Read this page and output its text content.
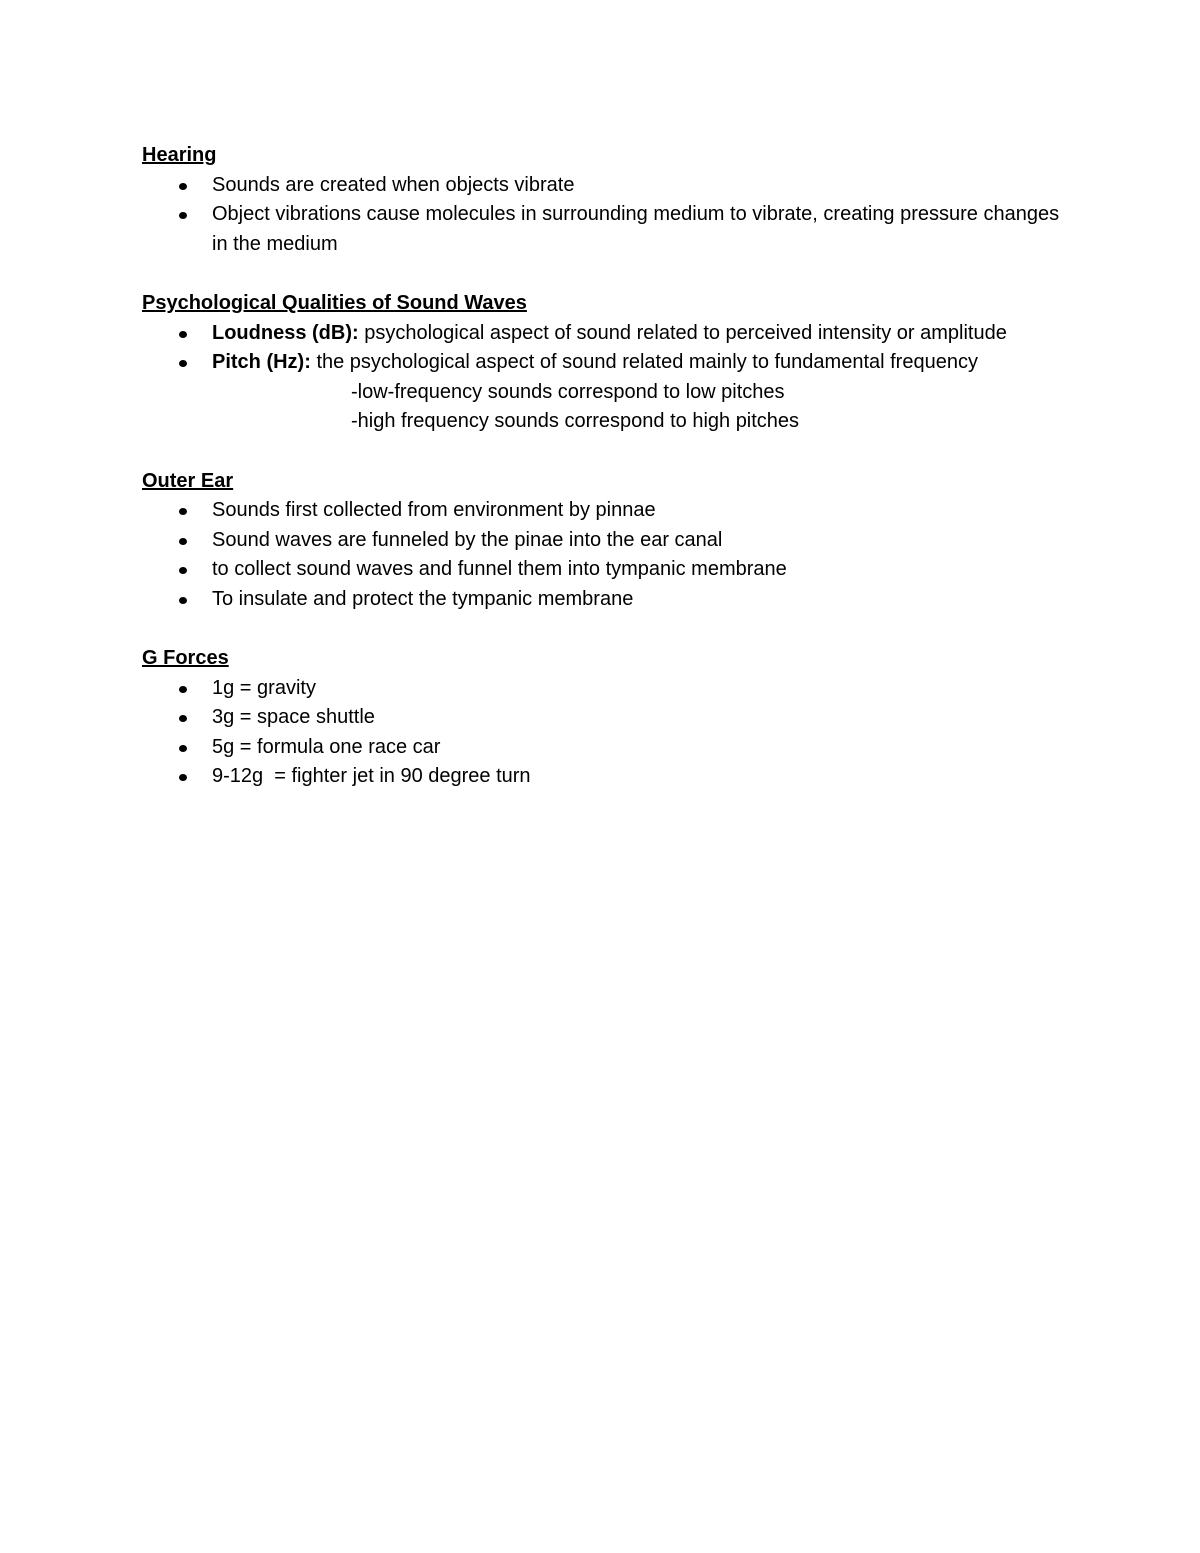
Hearing

Sounds are created when objects vibrate
Object vibrations cause molecules in surrounding medium to vibrate, creating pressure changes in the medium

Psychological Qualities of Sound Waves

Loudness (dB): psychological aspect of sound related to perceived intensity or amplitude
Pitch (Hz): the psychological aspect of sound related mainly to fundamental frequency
-low-frequency sounds correspond to low pitches
-high frequency sounds correspond to high pitches

Outer Ear

Sounds first collected from environment by pinnae
Sound waves are funneled by the pinae into the ear canal
to collect sound waves and funnel them into tympanic membrane
To insulate and protect the tympanic membrane

G Forces

1g = gravity
3g = space shuttle
5g = formula one race car
9-12g  = fighter jet in 90 degree turn
